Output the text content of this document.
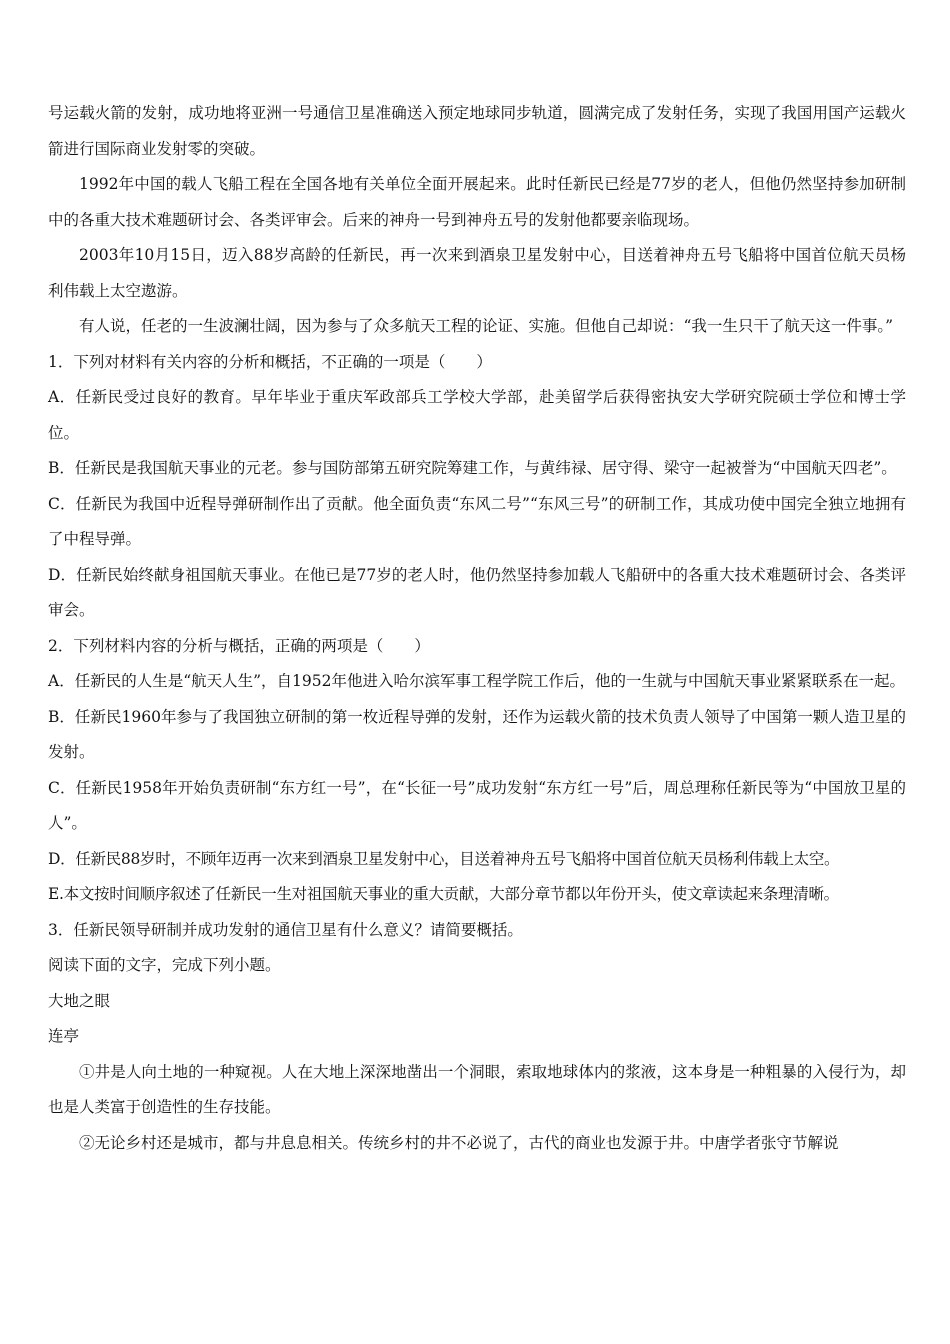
号运载火箭的发射，成功地将亚洲一号通信卫星准确送入预定地球同步轨道，圆满完成了发射任务，实现了我国用国产运载火箭进行国际商业发射零的突破。

1992年中国的载人飞船工程在全国各地有关单位全面开展起来。此时任新民已经是77岁的老人，但他仍然坚持参加研制中的各重大技术难题研讨会、各类评审会。后来的神舟一号到神舟五号的发射他都要亲临现场。

2003年10月15日，迈入88岁高龄的任新民，再一次来到酒泉卫星发射中心，目送着神舟五号飞船将中国首位航天员杨利伟载上太空遨游。

有人说，任老的一生波澜壮阔，因为参与了众多航天工程的论证、实施。但他自己却说：“我一生只干了航天这一件事。”

1．下列对材料有关内容的分析和概括，不正确的一项是（　　）

A．任新民受过良好的教育。早年毕业于重庆军政部兵工学校大学部，赴美留学后获得密执安大学研究院硕士学位和博士学位。

B．任新民是我国航天事业的元老。参与国防部第五研究院筹建工作，与黄纬禄、居守得、梁守一起被誉为“中国航天四老”。

C．任新民为我国中近程导弹研制作出了贡献。他全面负责“东风二号”“东风三号”的研制工作，其成功使中国完全独立地拥有了中程导弹。

D．任新民始终献身祖国航天事业。在他已是77岁的老人时，他仍然坚持参加载人飞船研中的各重大技术难题研讨会、各类评审会。

2．下列材料内容的分析与概括，正确的两项是（　　）

A．任新民的人生是“航天人生”，自1952年他进入哈尔滨军事工程学院工作后，他的一生就与中国航天事业紧紧联系在一起。

B．任新民1960年参与了我国独立研制的第一枚近程导弹的发射，还作为运载火箭的技术负责人领导了中国第一颗人造卫星的发射。

C．任新民1958年开始负责研制“东方红一号”，在“长征一号”成功发射“东方红一号”后，周总理称任新民等为“中国放卫星的人”。

D．任新民88岁时，不顾年迈再一次来到酒泉卫星发射中心，目送着神舟五号飞船将中国首位航天员杨利伟载上太空。

E.本文按时间顺序叙述了任新民一生对祖国航天事业的重大贡献，大部分章节都以年份开头，使文章读起来条理清晰。

3．任新民领导研制并成功发射的通信卫星有什么意义？请简要概括。

阅读下面的文字，完成下列小题。

大地之眼

连亭

①井是人向土地的一种窥视。人在大地上深深地凿出一个洞眼，索取地球体内的浆液，这本身是一种粗暴的入侵行为，却也是人类富于创造性的生存技能。

②无论乡村还是城市，都与井息息相关。传统乡村的井不必说了，古代的商业也发源于井。中唐学者张守节解说
